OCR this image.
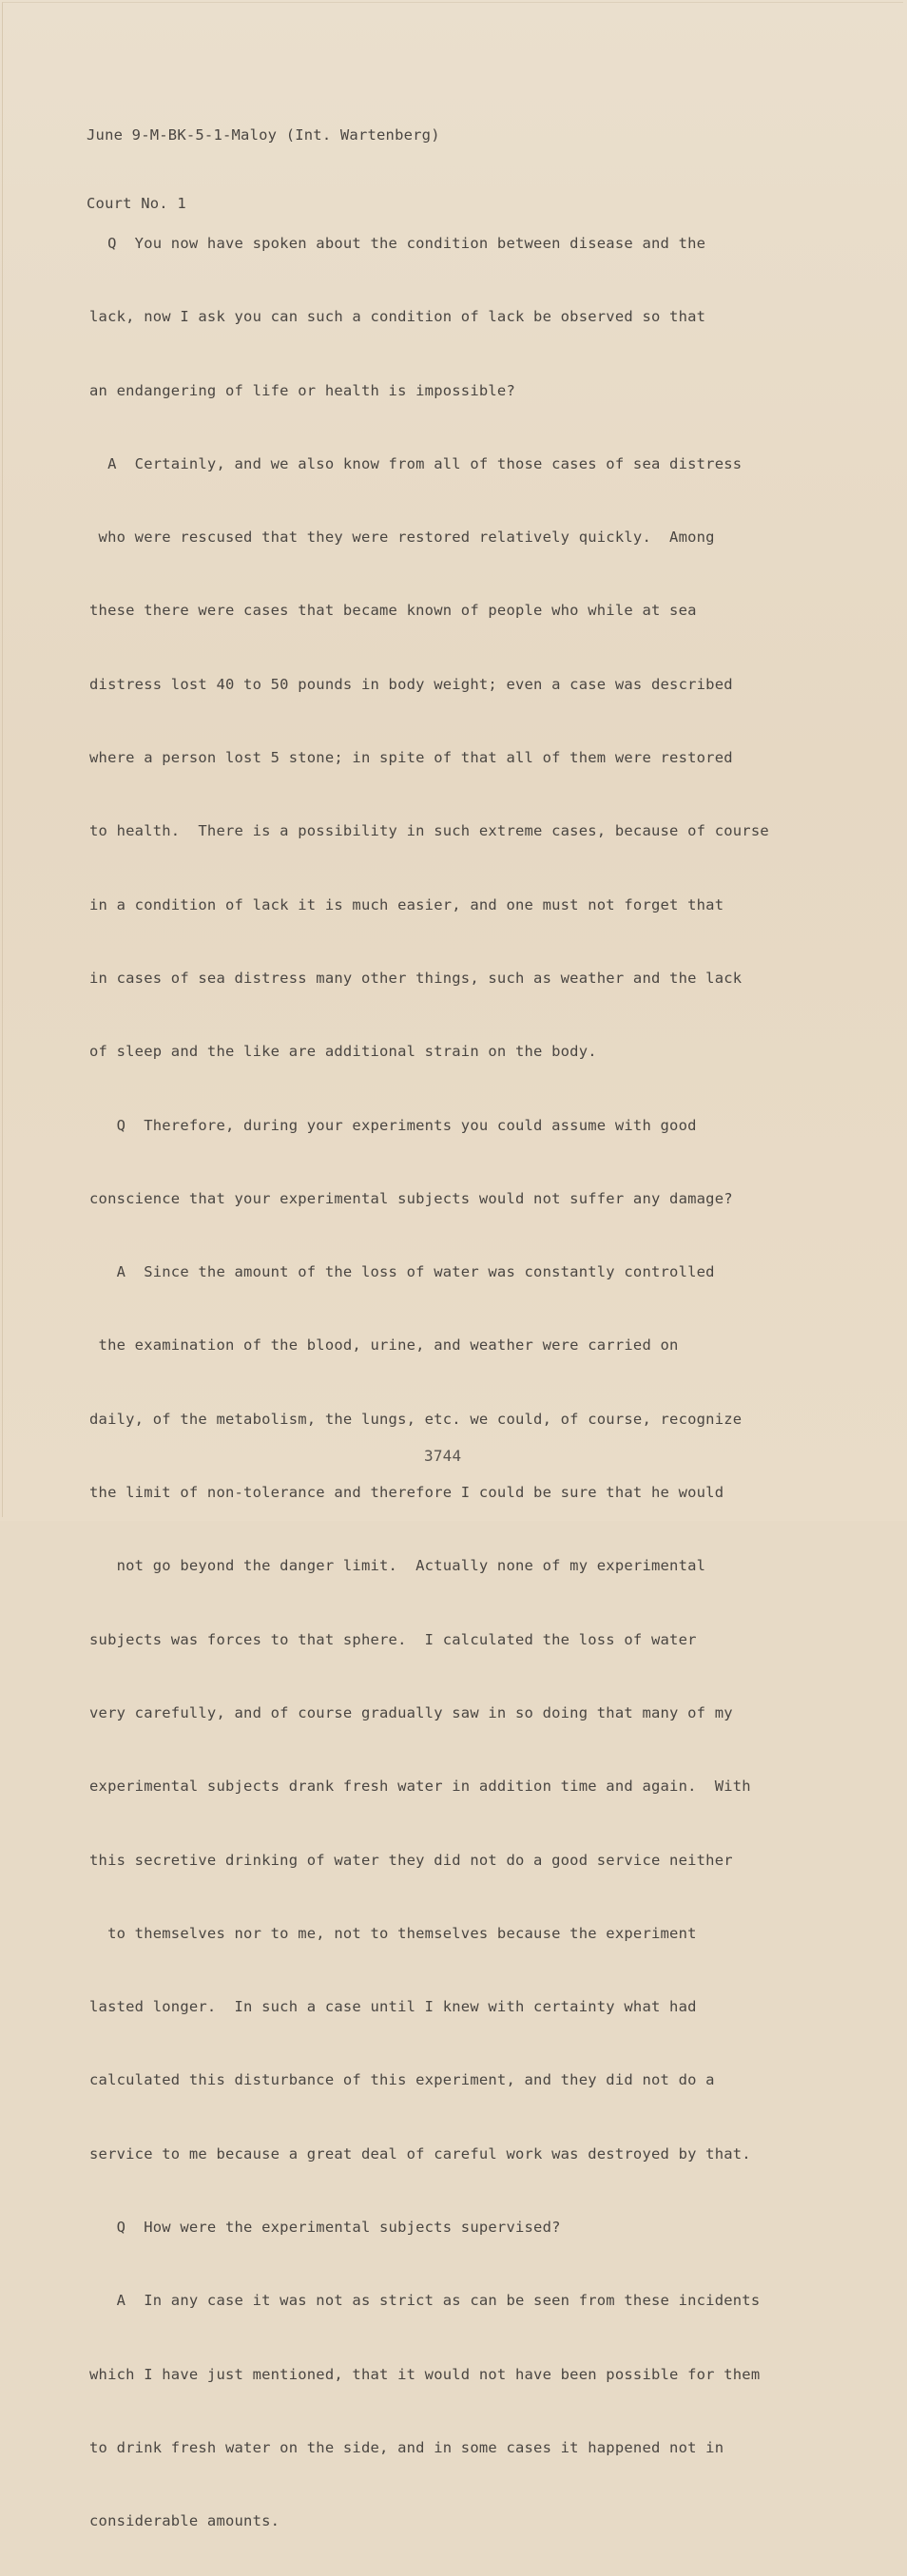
June 9-M-BK-5-1-Maloy (Int. Wartenberg)

Court No. 1

Q  You now have spoken about the condition between disease and the

lack, now I ask you can such a condition of lack be observed so that

an endangering of life or health is impossible?

A  Certainly, and we also know from all of those cases of sea distress

who were rescused that they were restored relatively quickly.  Among

these there were cases that became known of people who while at sea

distress lost 40 to 50 pounds in body weight; even a case was described

where a person lost 5 stone; in spite of that all of them were restored

to health.  There is a possibility in such extreme cases, because of course

in a condition of lack it is much easier, and one must not forget that

in cases of sea distress many other things, such as weather and the lack

of sleep and the like are additional strain on the body.

Q  Therefore, during your experiments you could assume with good

conscience that your experimental subjects would not suffer any damage?

A  Since the amount of the loss of water was constantly controlled

the examination of the blood, urine, and weather were carried on

daily, of the metabolism, the lungs, etc. we could, of course, recognize

the limit of non-tolerance and therefore I could be sure that he would

not go beyond the danger limit.  Actually none of my experimental

subjects was forces to that sphere.  I calculated the loss of water

very carefully, and of course gradually saw in so doing that many of my

experimental subjects drank fresh water in addition time and again.  With

this secretive drinking of water they did not do a good service neither

to themselves nor to me, not to themselves because the experiment

lasted longer.  In such a case until I knew with certainty what had

calculated this disturbance of this experiment, and they did not do a

service to me because a great deal of careful work was destroyed by that.

Q  How were the experimental subjects supervised?

A  In any case it was not as strict as can be seen from these incidents

which I have just mentioned, that it would not have been possible for them

to drink fresh water on the side, and in some cases it happened not in

considerable amounts.

3744
